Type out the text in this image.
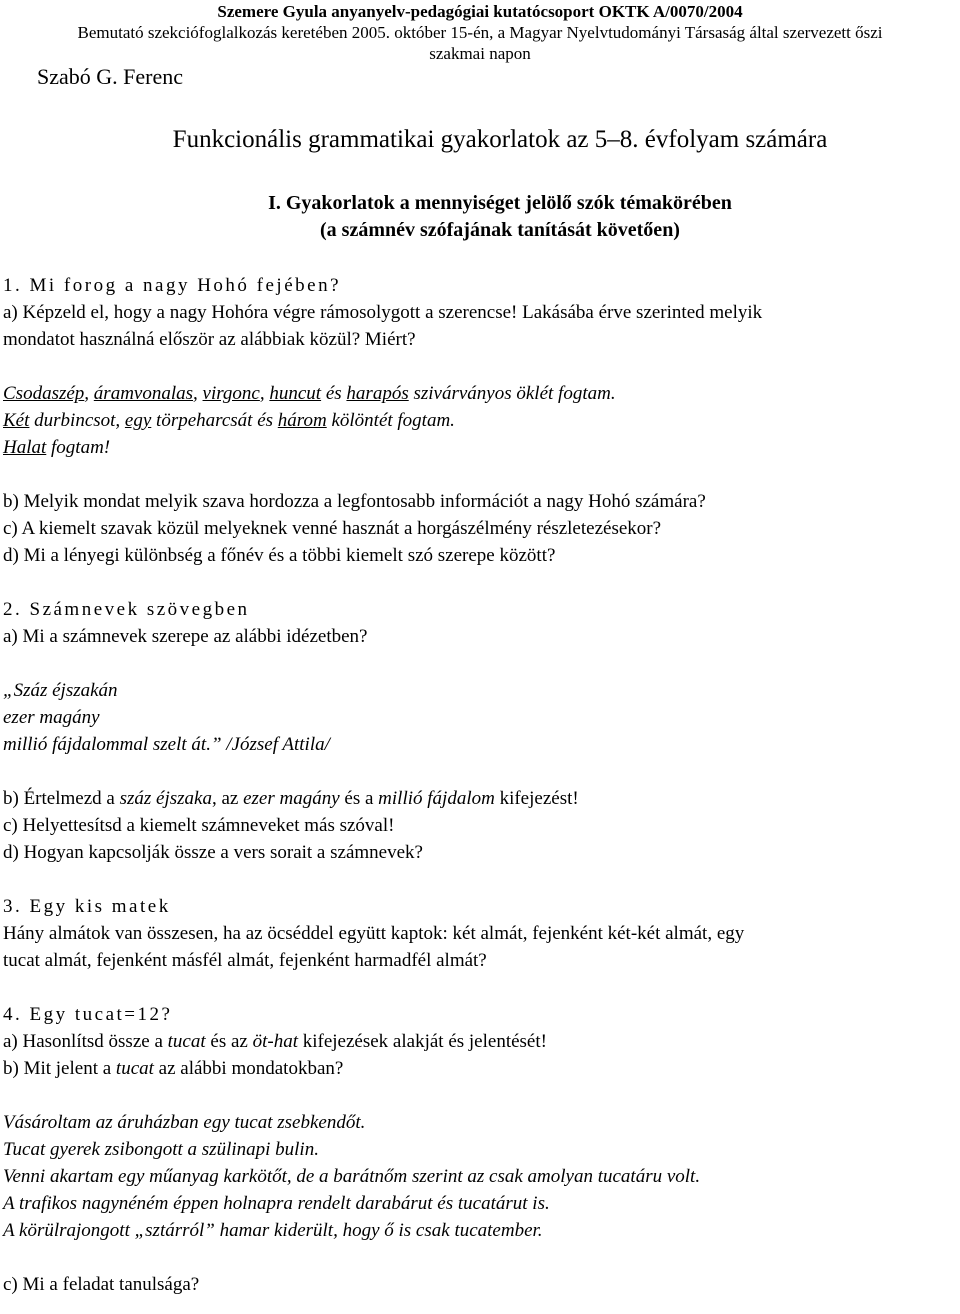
Szemere Gyula anyanyelv-pedagógiai kutatócsoport OKTK A/0070/2004
Bemutató szekciófoglalkozás keretében 2005. október 15-én, a Magyar Nyelvtudományi Társaság által szervezett őszi
szakmai napon
Szabó G. Ferenc
Funkcionális grammatikai gyakorlatok az 5–8. évfolyam számára
I. Gyakorlatok a mennyiséget jelölő szók témakörében
(a számnév szófajának tanítását követően)

1. Mi forog a nagy Hohó fejében?

a) Képzeld el, hogy a nagy Hohóra végre rámosolygott a szerencse! Lakásába érve szerinted melyik

mondatot használná először az alábbiak közül? Miért?

Csodaszép, áramvonalas, virgonc, huncut és harapós szivárványos öklét fogtam.

Két durbincsot, egy törpeharcsát és három kölöntét fogtam.

Halat fogtam!

b) Melyik mondat melyik szava hordozza a legfontosabb információt a nagy Hohó számára?

c) A kiemelt szavak közül melyeknek venné hasznát a horgászélmény részletezésekor?

d) Mi a lényegi különbség a főnév és a többi kiemelt szó szerepe között?

2. Számnevek szövegben

a) Mi a számnevek szerepe az alábbi idézetben?

„Száz éjszakán

ezer magány

millió fájdalommal szelt át.” /József Attila/

b) Értelmezd a száz éjszaka, az ezer magány és a millió fájdalom kifejezést!

c) Helyettesítsd a kiemelt számneveket más szóval!

d) Hogyan kapcsolják össze a vers sorait a számnevek?

3. Egy kis matek

Hány almátok van összesen, ha az öcséddel együtt kaptok: két almát, fejenként két-két almát, egy

tucat almát, fejenként másfél almát, fejenként harmadfél almát?

4. Egy tucat=12?

a) Hasonlítsd össze a tucat és az öt-hat kifejezések alakját és jelentését!

b) Mit jelent a tucat az alábbi mondatokban?

Vásároltam az áruházban egy tucat zsebkendőt.

Tucat gyerek zsibongott a szülinapi bulin.

Venni akartam egy műanyag karkötőt, de a barátnőm szerint az csak amolyan tucatáru volt.

A trafikos nagynéném éppen holnapra rendelt darabárut és tucatárut is.

A körülrajongott „sztárról” hamar kiderült, hogy ő is csak tucatember.

c) Mi a feladat tanulsága?
